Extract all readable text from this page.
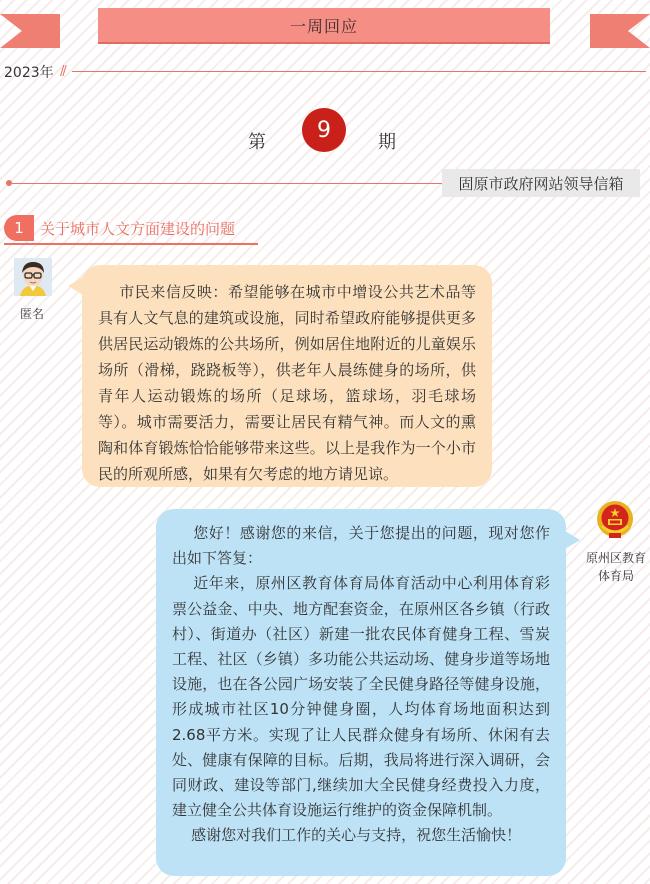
一周回应
2023年 //
第	9	期
固原市政府网站领导信箱
1	关于城市人文方面建设的问题
匿名

市民来信反映：希望能够在城市中增设公共艺术品等具有人文气息的建筑或设施，同时希望政府能够提供更多供居民运动锻炼的公共场所，例如居住地附近的儿童娱乐场所（滑梯，跷跷板等），供老年人晨练健身的场所，供青年人运动锻炼的场所（足球场，篮球场，羽毛球场等）。城市需要活力，需要让居民有精气神。而人文的熏陶和体育锻炼恰恰能够带来这些。以上是我作为一个小市民的所观所感，如果有欠考虑的地方请见谅。

您好！感谢您的来信，关于您提出的问题，现对您作出如下答复：
近年来，原州区教育体育局体育活动中心利用体育彩票公益金、中央、地方配套资金，在原州区各乡镇（行政村）、街道办（社区）新建一批农民体育健身工程、雪炭工程、社区（乡镇）多功能公共运动场、健身步道等场地设施，也在各公园广场安装了全民健身路径等健身设施，形成城市社区10分钟健身圈，人均体育场地面积达到2.68平方米。实现了让人民群众健身有场所、休闲有去处、健康有保障的目标。后期，我局将进行深入调研，会同财政、建设等部门,继续加大全民健身经费投入力度，建立健全公共体育设施运行维护的资金保障机制。
感谢您对我们工作的关心与支持，祝您生活愉快！

原州区教育体育局
